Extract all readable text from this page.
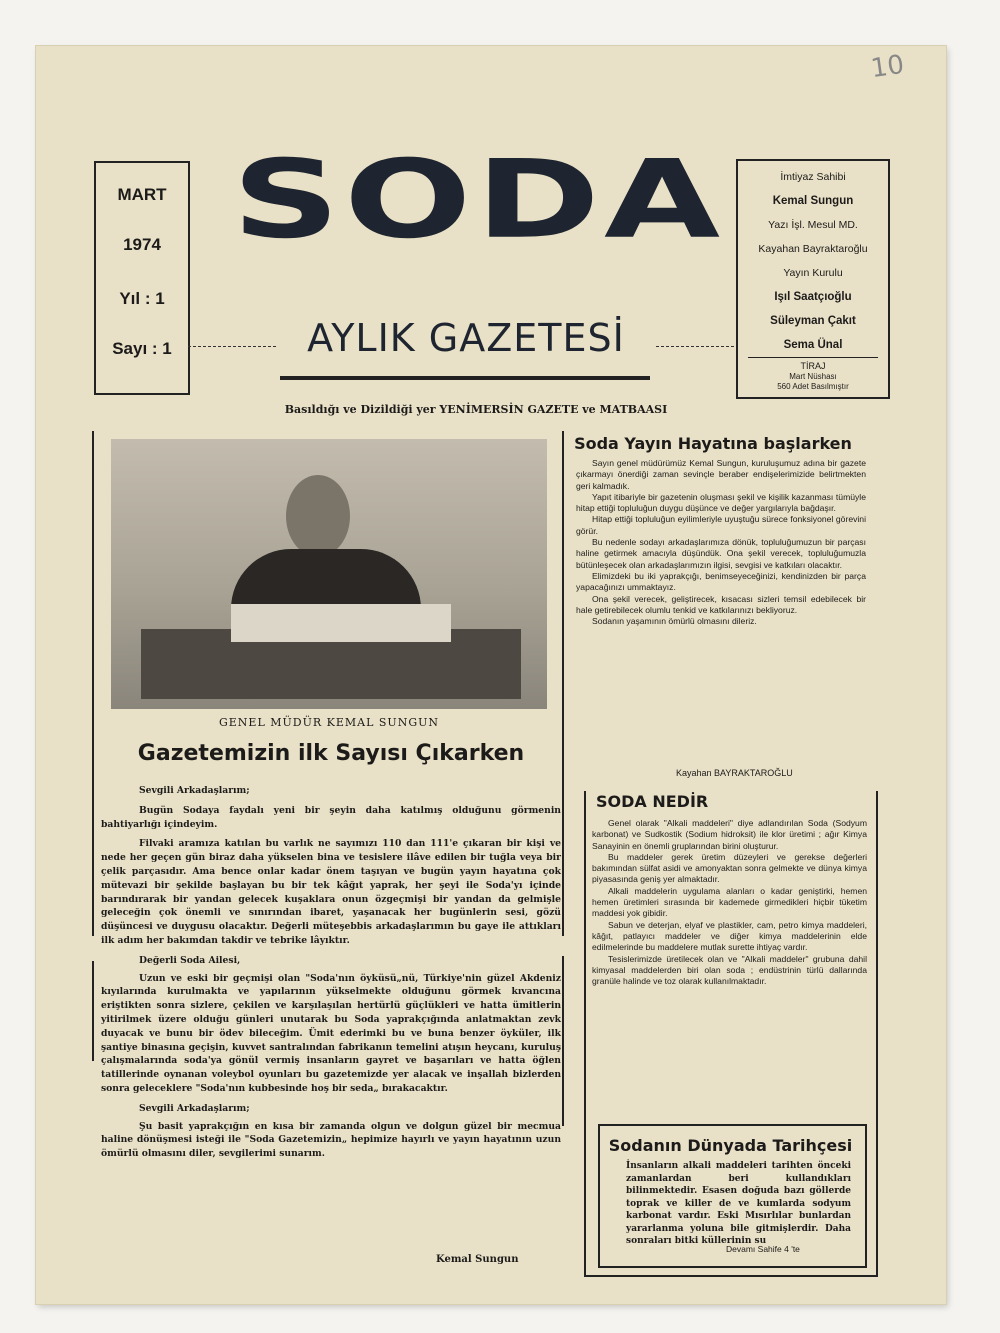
10
MART
1974
Yıl : 1
Sayı : 1
SODA
AYLIK GAZETESİ
İmtiyaz Sahibi
Kemal Sungun
Yazı İşl. Mesul MD.
Kayahan Bayraktaroğlu
Yayın Kurulu
Işıl Saatçıoğlu
Süleyman Çakıt
Sema Ünal
TİRAJ
Mart Nüshası
560 Adet Basılmıştır
Basıldığı ve Dizildiği yer YENİMERSİN GAZETE ve MATBAASI
GENEL MÜDÜR KEMAL SUNGUN
Gazetemizin ilk Sayısı Çıkarken

Sevgili Arkadaşlarım;

Bugün Sodaya faydalı yeni bir şeyin daha katılmış olduğunu görmenin bahtiyarlığı içindeyim.

Filvaki aramıza katılan bu varlık ne sayımızı 110 dan 111'e çıkaran bir kişi ve nede her geçen gün biraz daha yükselen bina ve tesislere ilâve edilen bir tuğla veya bir çelik parçasıdır. Ama bence onlar kadar önem taşıyan ve bugün yayın hayatına çok mütevazi bir şekilde başlayan bu bir tek kâğıt yaprak, her şeyi ile Soda'yı içinde barındırarak bir yandan gelecek kuşaklara onun özgeçmişi bir yandan da gelmişle geleceğin çok önemli ve sınırından ibaret, yaşanacak her bugünlerin sesi, gözü düşüncesi ve duygusu olacaktır. Değerli müteşebbis arkadaşlarımın bu gaye ile attıkları ilk adım her bakımdan takdir ve tebrike lâyıktır.

Değerli Soda Ailesi,

Uzun ve eski bir geçmişi olan "Soda'nın öyküsü„nü, Türkiye'nin güzel Akdeniz kıyılarında kurulmakta ve yapılarının yükselmekte olduğunu görmek kıvancına eriştikten sonra sizlere, çekilen ve karşılaşılan hertürlü güçlükleri ve hatta ümitlerin yitirilmek üzere olduğu günleri unutarak bu Soda yaprakçığında anlatmaktan zevk duyacak ve bunu bir ödev bileceğim. Ümit ederimki bu ve buna benzer öyküler, ilk şantiye binasına geçişin, kuvvet santralından fabrikanın temelini atışın heycanı, kuruluş çalışmalarında soda'ya gönül vermiş insanların gayret ve başarıları ve hatta öğlen tatillerinde oynanan voleybol oyunları bu gazetemizde yer alacak ve inşallah bizlerden sonra geleceklere "Soda'nın kubbesinde hoş bir seda„ bırakacaktır.

Sevgili Arkadaşlarım;

Şu basit yaprakçığın en kısa bir zamanda olgun ve dolgun güzel bir mecmua haline dönüşmesi isteği ile "Soda Gazetemizin„ hepimize hayırlı ve yayın hayatının uzun ömürlü olmasını diler, sevgilerimi sunarım.

Kemal Sungun
Soda Yayın Hayatına başlarken

Sayın genel müdürümüz Kemal Sungun, kuruluşumuz adına bir gazete çıkarmayı önerdiği zaman sevinçle beraber endişelerimizide belirtmekten geri kalmadık.

Yapıt itibariyle bir gazetenin oluşması şekil ve kişilik kazanması tümüyle hitap ettiği topluluğun duygu düşünce ve değer yargılarıyla bağdaşır.

Hitap ettiği topluluğun eyilimleriyle uyuştuğu sürece fonksiyonel görevini görür.

Bu nedenle sodayı arkadaşlarımıza dönük, topluluğumuzun bir parçası haline getirmek amacıyla düşündük. Ona şekil verecek, topluluğumuzla bütünleşecek olan arkadaşlarımızın ilgisi, sevgisi ve katkıları olacaktır.

Elimizdeki bu iki yaprakçığı, benimseyeceğinizi, kendinizden bir parça yapacağınızı ummaktayız.

Ona şekil verecek, geliştirecek, kısacası sizleri temsil edebilecek bir hale getirebilecek olumlu tenkid ve katkılarınızı bekliyoruz.

Sodanın yaşamının ömürlü olmasını dileriz.

Kayahan BAYRAKTAROĞLU
SODA NEDİR

Genel olarak "Alkali maddeleri" diye adlandırılan Soda (Sodyum karbonat) ve Sudkostik (Sodium hidroksit) ile klor üretimi ; ağır Kimya Sanayinin en önemli gruplarından birini oluşturur.

Bu maddeler gerek üretim düzeyleri ve gerekse değerleri bakımından sülfat asidi ve amonyaktan sonra gelmekte ve dünya kimya piyasasında geniş yer almaktadır.

Alkali maddelerin uygulama alanları o kadar geniştirki, hemen hemen üretimleri sırasında bir kademede girmedikleri hiçbir tüketim maddesi yok gibidir.

Sabun ve deterjan, elyaf ve plastikler, cam, petro kimya maddeleri, kâğıt, patlayıcı maddeler ve diğer kimya maddelerinin elde edilmelerinde bu maddelere mutlak surette ihtiyaç vardır.

Tesislerimizde üretilecek olan ve "Alkali maddeler" grubuna dahil kimyasal maddelerden biri olan soda ; endüstrinin türlü dallarında granüle halinde ve toz olarak kullanılmaktadır.

Sodanın Dünyada Tarihçesi
İnsanların alkali maddeleri tarihten önceki zamanlardan beri kullandıkları bilinmektedir. Esasen doğuda bazı göllerde toprak ve killer de ve kumlarda sodyum karbonat vardır. Eski Mısırlılar bunlardan yararlanma yoluna bile gitmişlerdir. Daha sonraları bitki küllerinin su
Devamı Sahife 4 'te
